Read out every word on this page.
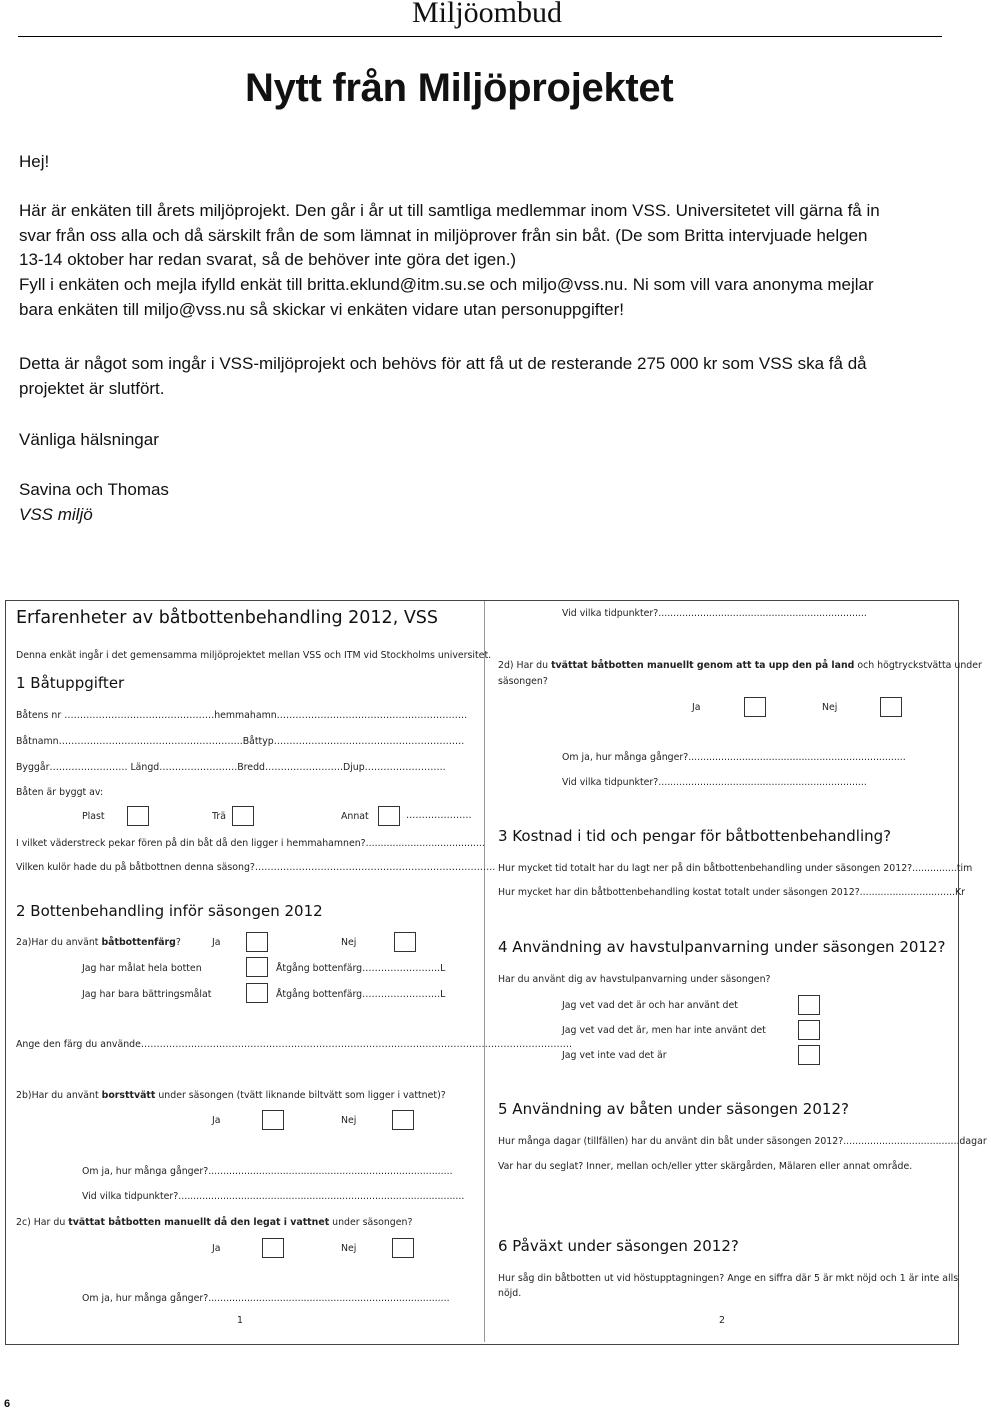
Miljöombud
Nytt från Miljöprojektet

Hej!

Här är enkäten till årets miljöprojekt. Den går i år ut till samtliga medlemmar inom VSS. Universitetet vill gärna få in

svar från oss alla och då särskilt från de som lämnat in miljöprover från sin båt. (De som Britta intervjuade helgen

13-14 oktober har redan svarat, så de behöver inte göra det igen.)

Fyll i enkäten och mejla ifylld enkät till britta.eklund@itm.su.se och miljo@vss.nu. Ni som vill vara anonyma mejlar

bara enkäten till miljo@vss.nu så skickar vi enkäten vidare utan personuppgifter!

Detta är något som ingår i VSS-miljöprojekt och behövs för att få ut de resterande 275 000 kr som VSS ska få då

projektet är slutfört.

Vänliga hälsningar

Savina och Thomas

VSS miljö

Erfarenheter av båtbottenbehandling 2012, VSS
Denna enkät ingår i det gemensamma miljöprojektet mellan VSS och ITM vid Stockholms universitet.
1 Båtuppgifter
Båtens nr …………………………………………hemmahamn…………………………………………………….
Båtnamn…………………………………………………..Båttyp…………………………………………………….
Byggår……………………. Längd…………………….Bredd…………………….Djup……………………..
Båten är byggt av:
Plast	Trä	Annat	…………………
I vilket väderstreck pekar fören på din båt då den ligger i hemmahamnen?........................................
Vilken kulör hade du på båtbottnen denna säsong?…………………………………………………………………..
2 Bottenbehandling inför säsongen 2012
2a)Har du använt båtbottenfärg?	Ja	Nej
Jag har målat hela botten	Åtgång bottenfärg…………………….L
Jag har bara bättringsmålat	Åtgång bottenfärg…………………….L
Ange den färg du använde…………………………………………………………………………………………………………………………
2b)Har du använt borsttvätt under säsongen (tvätt liknande biltvätt som ligger i vattnet)?
Ja	Nej
Om ja, hur många gånger?..................................................................................
Vid vilka tidpunkter?................................................................................................
2c) Har du tvättat båtbotten manuellt då den legat i vattnet under säsongen?
Ja	Nej
Om ja, hur många gånger?.................................................................................
1
Vid vilka tidpunkter?......................................................................
2d) Har du tvättat båtbotten manuellt genom att ta upp den på land och högtryckstvätta under
säsongen?
Ja	Nej
Om ja, hur många gånger?.........................................................................
Vid vilka tidpunkter?......................................................................
3 Kostnad i tid och pengar för båtbottenbehandling?
Hur mycket tid totalt har du lagt ner på din båtbottenbehandling under säsongen 2012?...............tim
Hur mycket har din båtbottenbehandling kostat totalt under säsongen 2012?................................Kr
4 Användning av havstulpanvarning under säsongen 2012?
Har du använt dig av havstulpanvarning under säsongen?
Jag vet vad det är och har använt det
Jag vet vad det är, men har inte använt det
Jag vet inte vad det är
5 Användning av båten under säsongen 2012?
Hur många dagar (tillfällen) har du använt din båt under säsongen 2012?.......................................dagar
Var har du seglat? Inner, mellan och/eller ytter skärgården, Mälaren eller annat område.
6 Påväxt under säsongen 2012?
Hur såg din båtbotten ut vid höstupptagningen? Ange en siffra där 5 är mkt nöjd och 1 är inte alls
nöjd.
2
6
